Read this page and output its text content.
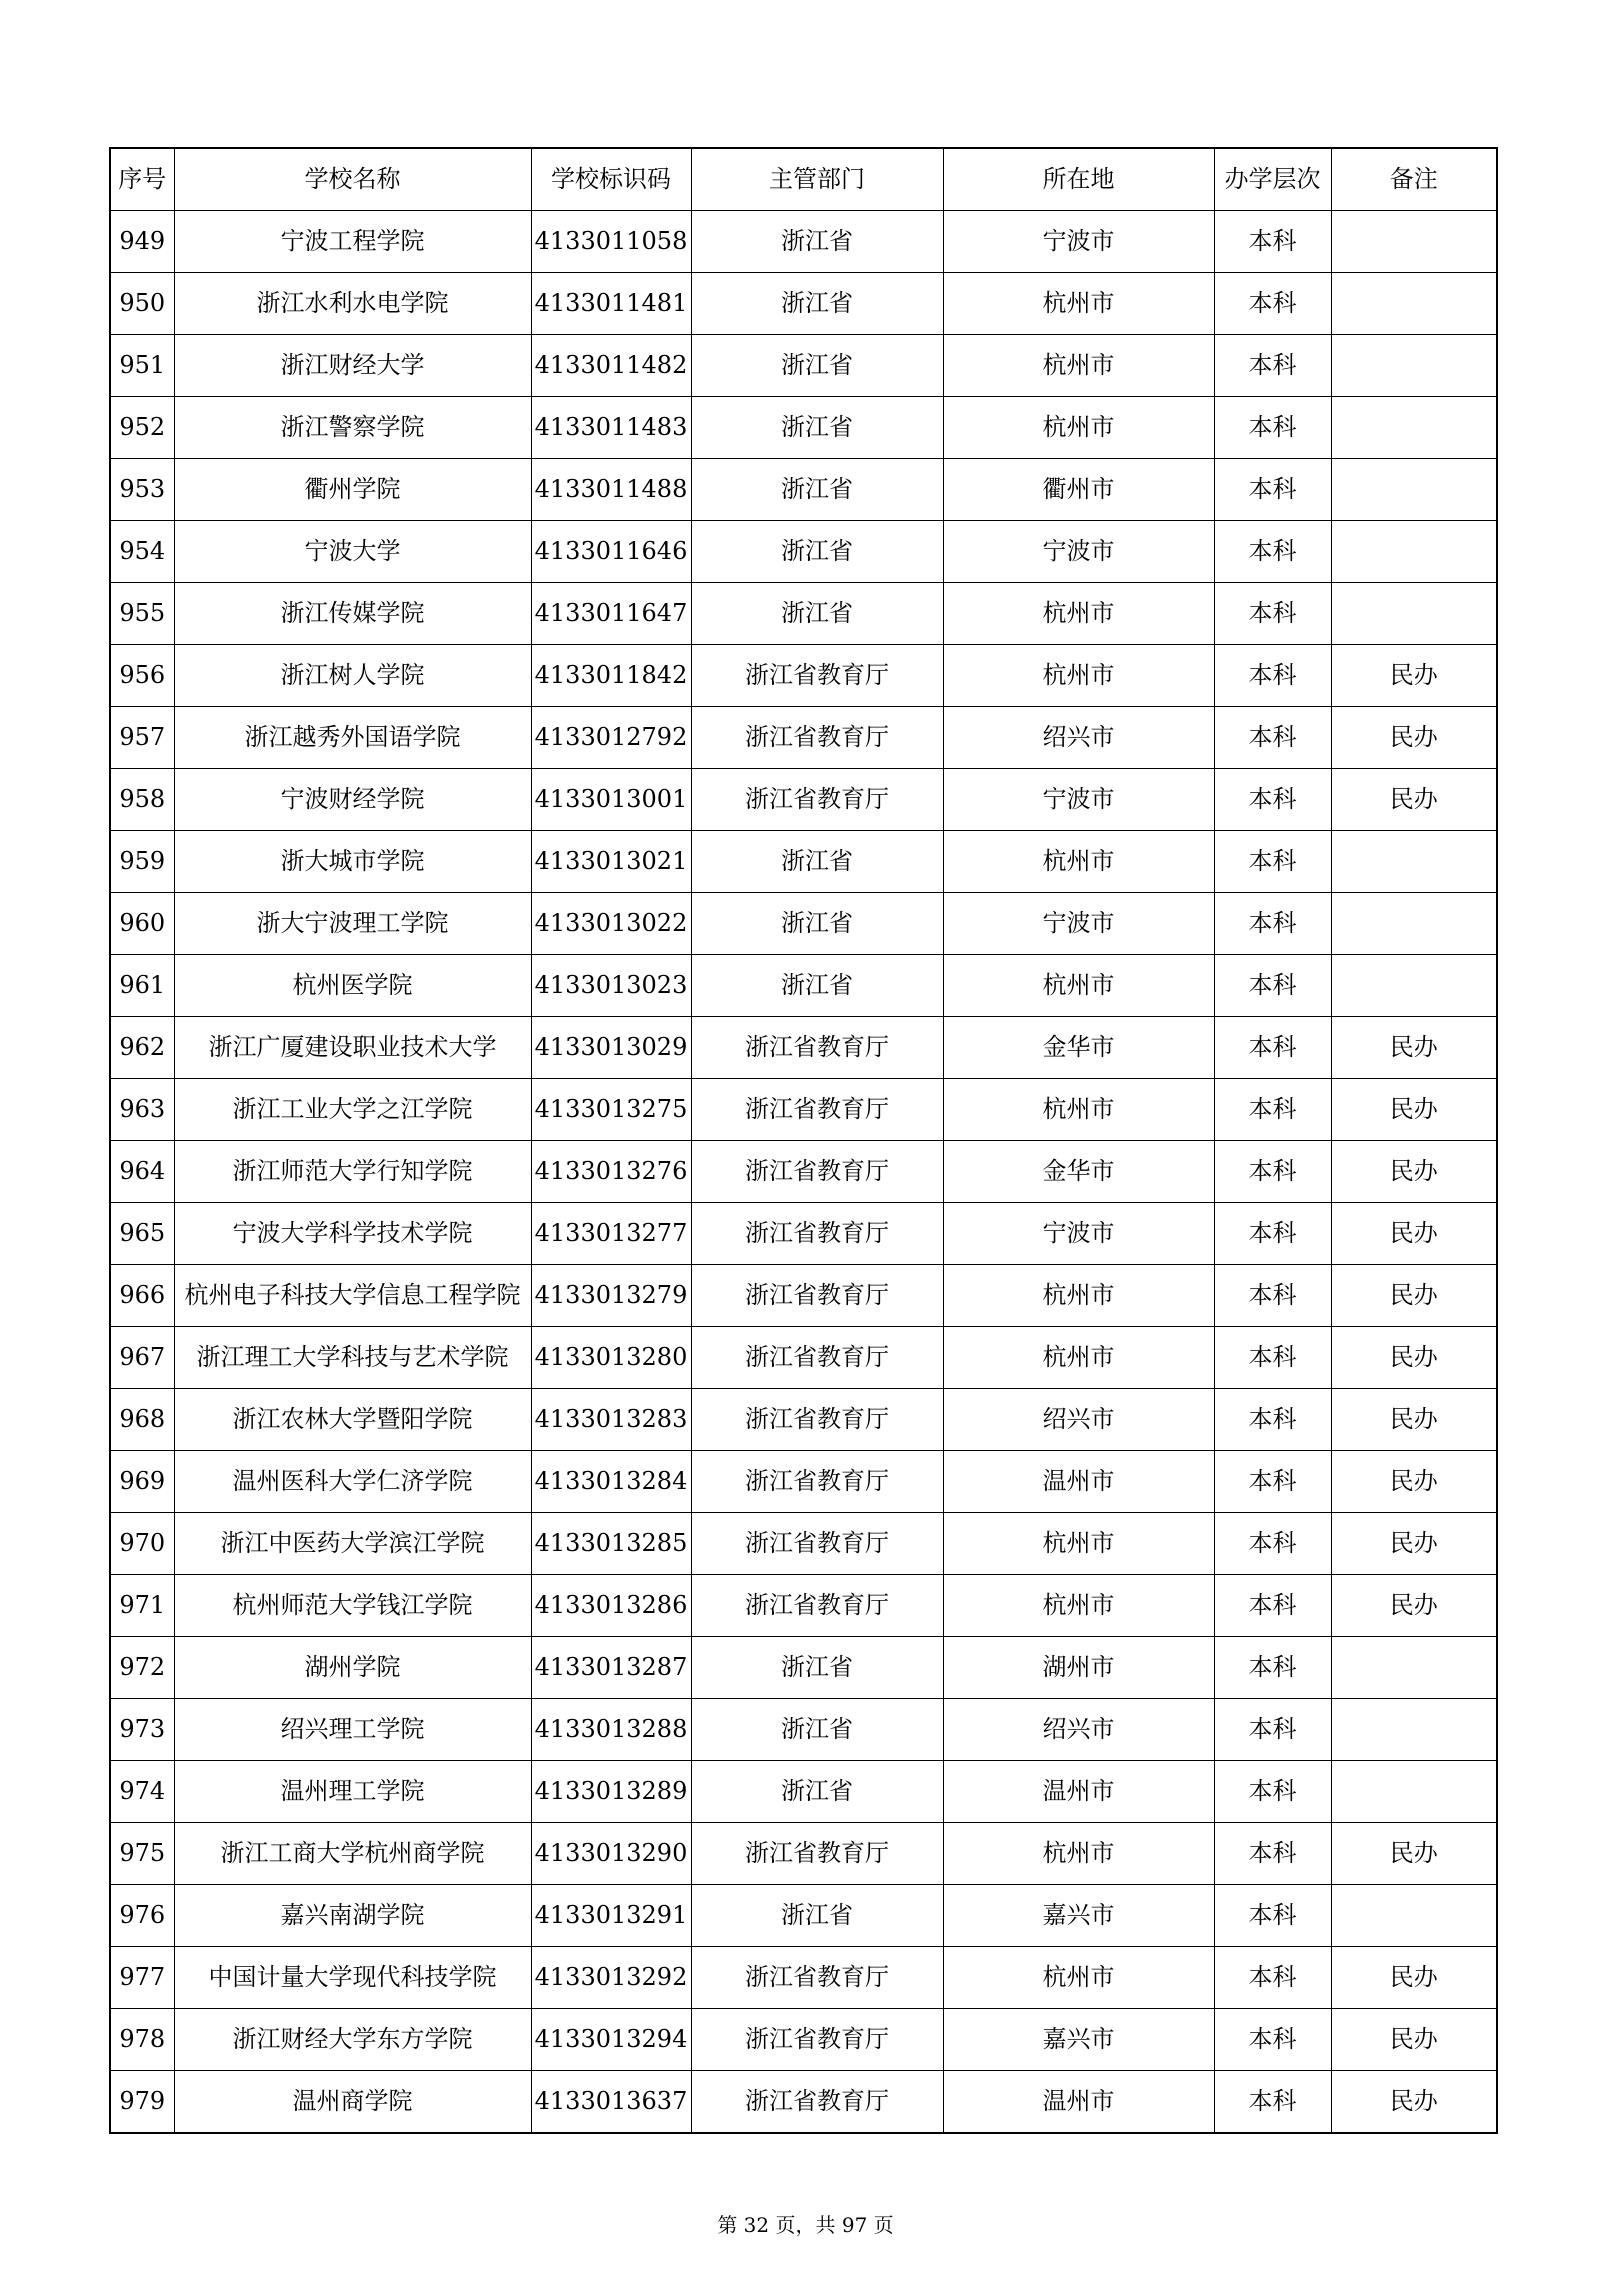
序号	学校名称	学校标识码	主管部门	所在地	办学层次	备注
949	宁波工程学院	4133011058	浙江省	宁波市	本科	
950	浙江水利水电学院	4133011481	浙江省	杭州市	本科	
951	浙江财经大学	4133011482	浙江省	杭州市	本科	
952	浙江警察学院	4133011483	浙江省	杭州市	本科	
953	衢州学院	4133011488	浙江省	衢州市	本科	
954	宁波大学	4133011646	浙江省	宁波市	本科	
955	浙江传媒学院	4133011647	浙江省	杭州市	本科	
956	浙江树人学院	4133011842	浙江省教育厅	杭州市	本科	民办
957	浙江越秀外国语学院	4133012792	浙江省教育厅	绍兴市	本科	民办
958	宁波财经学院	4133013001	浙江省教育厅	宁波市	本科	民办
959	浙大城市学院	4133013021	浙江省	杭州市	本科	
960	浙大宁波理工学院	4133013022	浙江省	宁波市	本科	
961	杭州医学院	4133013023	浙江省	杭州市	本科	
962	浙江广厦建设职业技术大学	4133013029	浙江省教育厅	金华市	本科	民办
963	浙江工业大学之江学院	4133013275	浙江省教育厅	杭州市	本科	民办
964	浙江师范大学行知学院	4133013276	浙江省教育厅	金华市	本科	民办
965	宁波大学科学技术学院	4133013277	浙江省教育厅	宁波市	本科	民办
966	杭州电子科技大学信息工程学院	4133013279	浙江省教育厅	杭州市	本科	民办
967	浙江理工大学科技与艺术学院	4133013280	浙江省教育厅	杭州市	本科	民办
968	浙江农林大学暨阳学院	4133013283	浙江省教育厅	绍兴市	本科	民办
969	温州医科大学仁济学院	4133013284	浙江省教育厅	温州市	本科	民办
970	浙江中医药大学滨江学院	4133013285	浙江省教育厅	杭州市	本科	民办
971	杭州师范大学钱江学院	4133013286	浙江省教育厅	杭州市	本科	民办
972	湖州学院	4133013287	浙江省	湖州市	本科	
973	绍兴理工学院	4133013288	浙江省	绍兴市	本科	
974	温州理工学院	4133013289	浙江省	温州市	本科	
975	浙江工商大学杭州商学院	4133013290	浙江省教育厅	杭州市	本科	民办
976	嘉兴南湖学院	4133013291	浙江省	嘉兴市	本科	
977	中国计量大学现代科技学院	4133013292	浙江省教育厅	杭州市	本科	民办
978	浙江财经大学东方学院	4133013294	浙江省教育厅	嘉兴市	本科	民办
979	温州商学院	4133013637	浙江省教育厅	温州市	本科	民办
第 32 页，共 97 页
